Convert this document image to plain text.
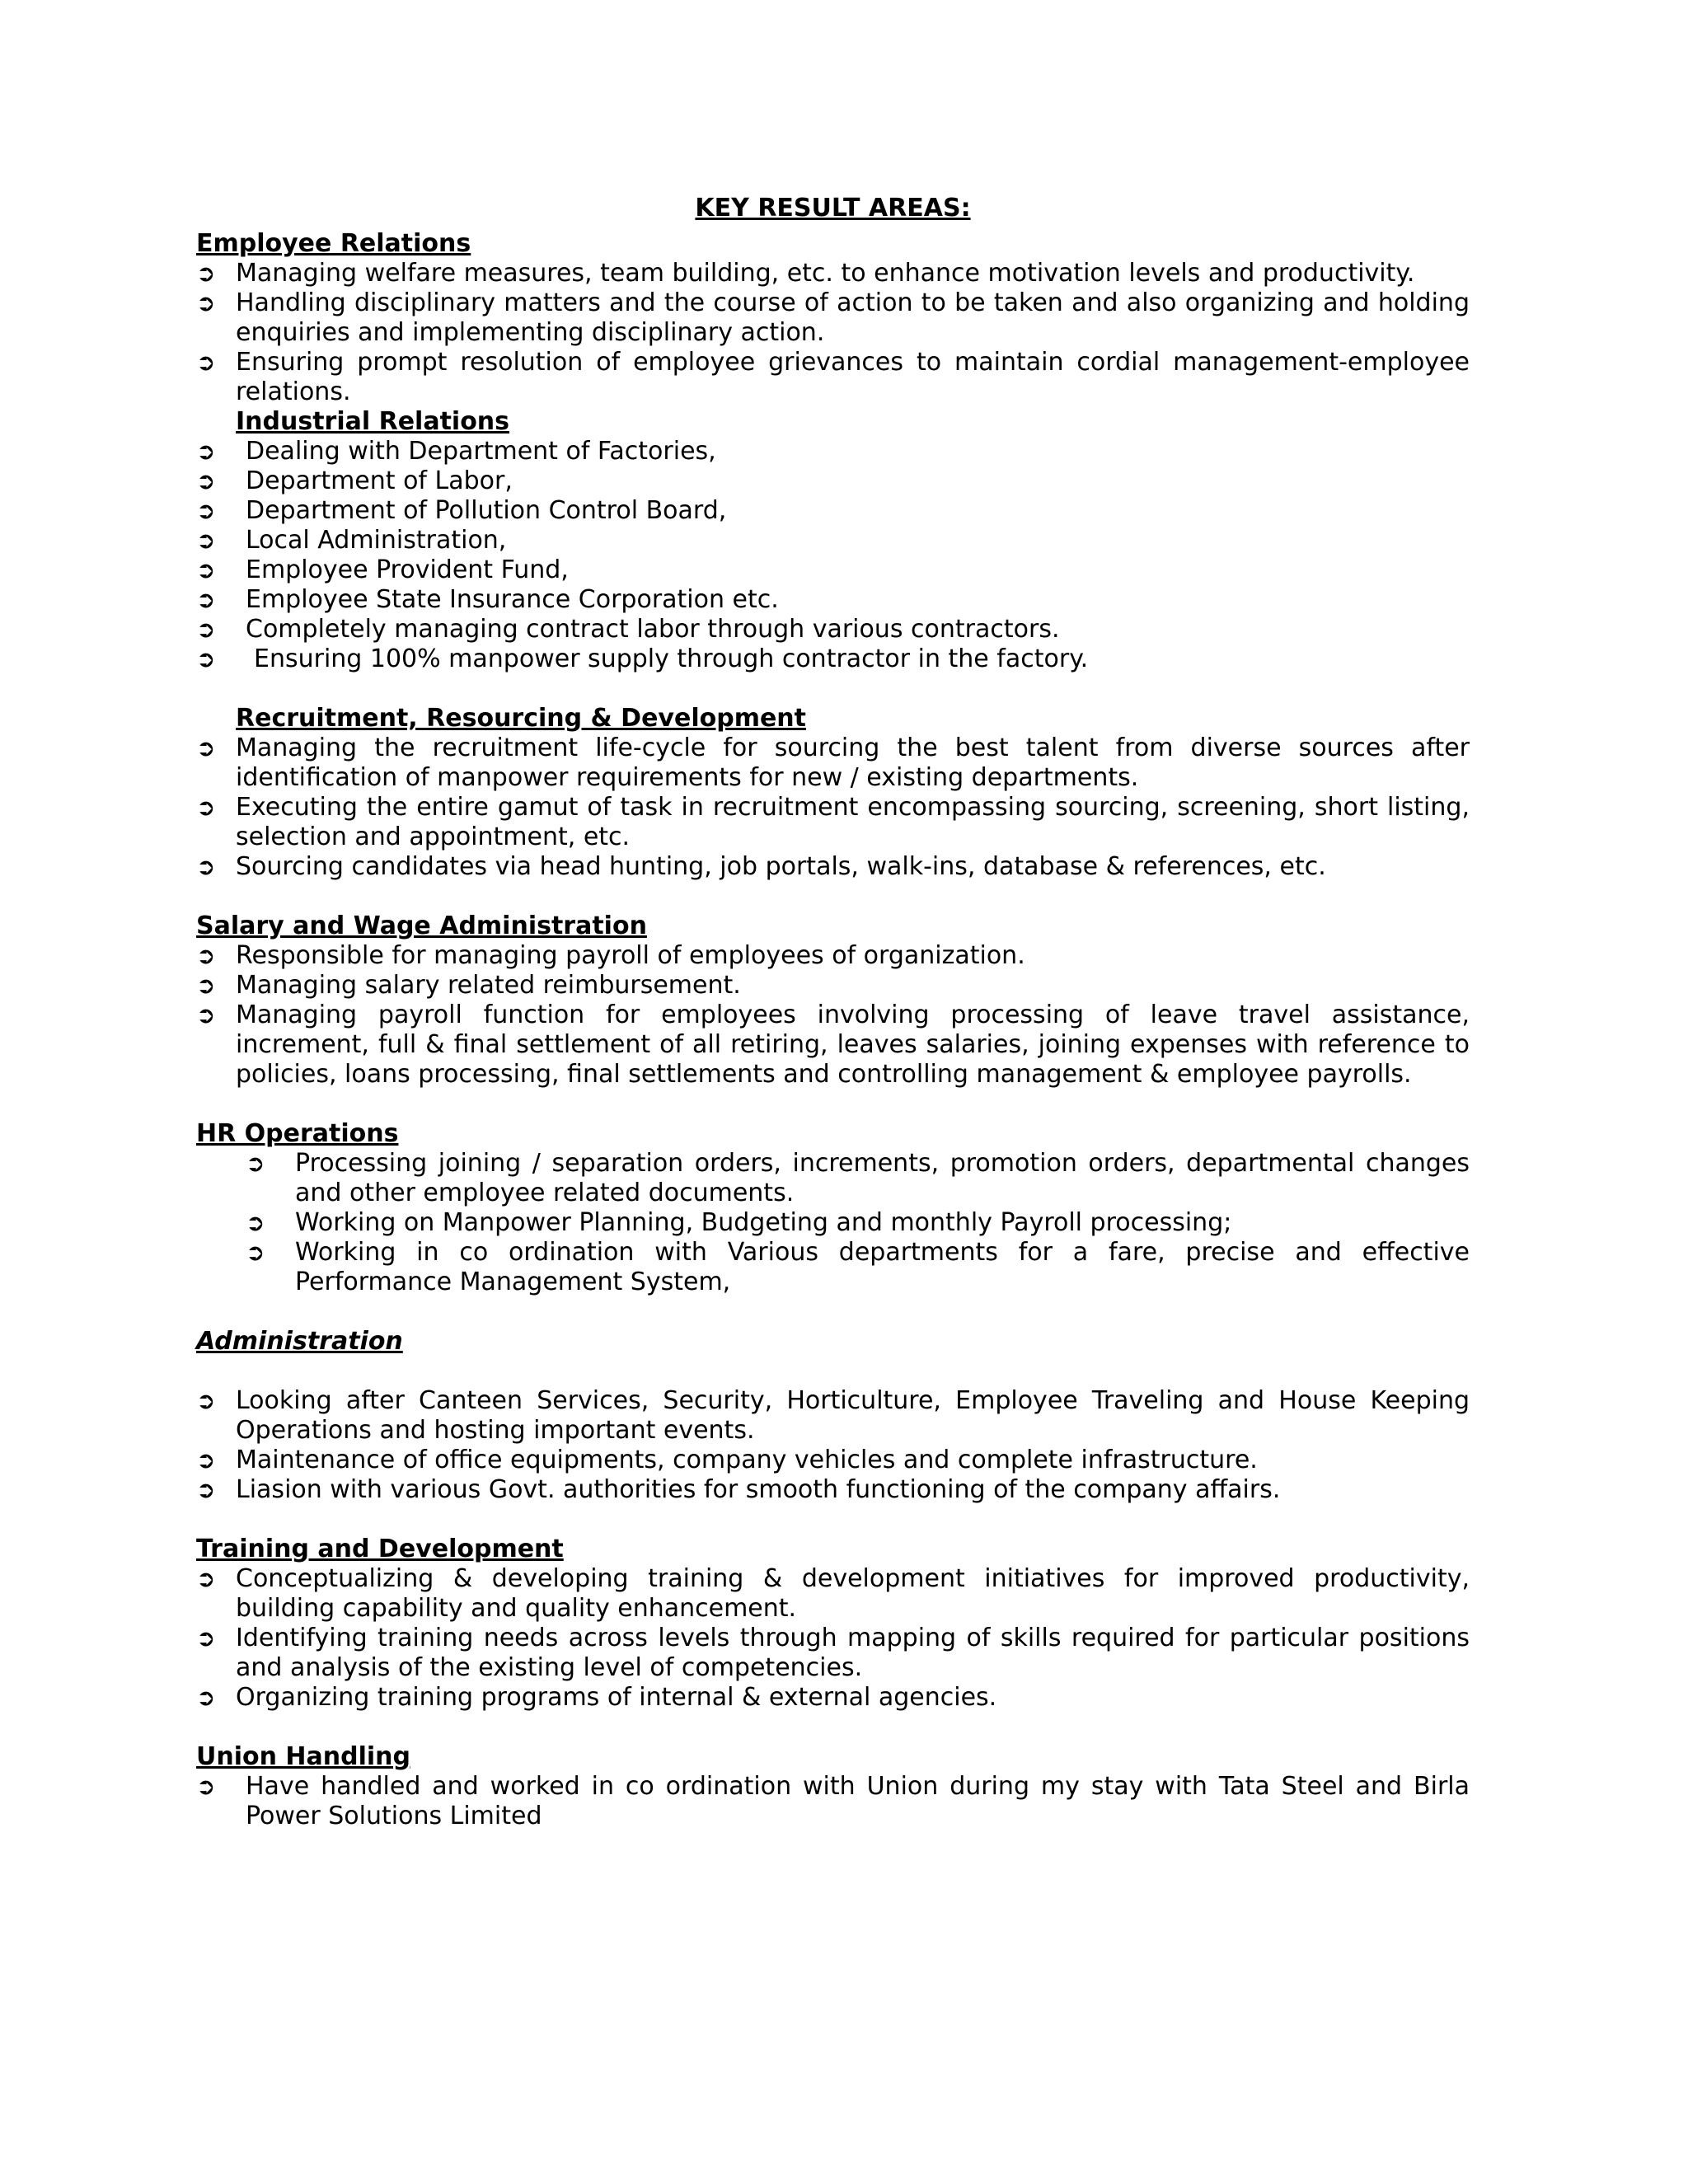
KEY RESULT AREAS:
Employee Relations
➲ Managing welfare measures, team building, etc. to enhance motivation levels and productivity.
➲ Handling disciplinary matters and the course of action to be taken and also organizing and holding enquiries and implementing disciplinary action.
➲ Ensuring prompt resolution of employee grievances to maintain cordial management-employee relations.
Industrial Relations
➲ Dealing with Department of Factories,
➲ Department of Labor,
➲ Department of Pollution Control Board,
➲ Local Administration,
➲ Employee Provident Fund,
➲ Employee State Insurance Corporation etc.
➲ Completely managing contract labor through various contractors.
➲ Ensuring 100% manpower supply through contractor in the factory.
Recruitment, Resourcing & Development
➲ Managing the recruitment life-cycle for sourcing the best talent from diverse sources after identification of manpower requirements for new / existing departments.
➲ Executing the entire gamut of task in recruitment encompassing sourcing, screening, short listing, selection and appointment, etc.
➲ Sourcing candidates via head hunting, job portals, walk-ins, database & references, etc.
Salary and Wage Administration
➲ Responsible for managing payroll of employees of organization.
➲ Managing salary related reimbursement.
➲ Managing payroll function for employees involving processing of leave travel assistance, increment, full & final settlement of all retiring, leaves salaries, joining expenses with reference to policies, loans processing, final settlements and controlling management & employee payrolls.
HR Operations
➲ Processing joining / separation orders, increments, promotion orders, departmental changes and other employee related documents.
➲ Working on Manpower Planning, Budgeting and monthly Payroll processing;
➲ Working in co ordination with Various departments for a fare, precise and effective Performance Management System,
Administration
➲ Looking after Canteen Services, Security, Horticulture, Employee Traveling and House Keeping Operations and hosting important events.
➲ Maintenance of office equipments, company vehicles and complete infrastructure.
➲ Liasion with various Govt. authorities for smooth functioning of the company affairs.
Training and Development
➲ Conceptualizing & developing training & development initiatives for improved productivity, building capability and quality enhancement.
➲ Identifying training needs across levels through mapping of skills required for particular positions and analysis of the existing level of competencies.
➲ Organizing training programs of internal & external agencies.
Union Handling
➲ Have handled and worked in co ordination with Union during my stay with Tata Steel and Birla Power Solutions Limited
